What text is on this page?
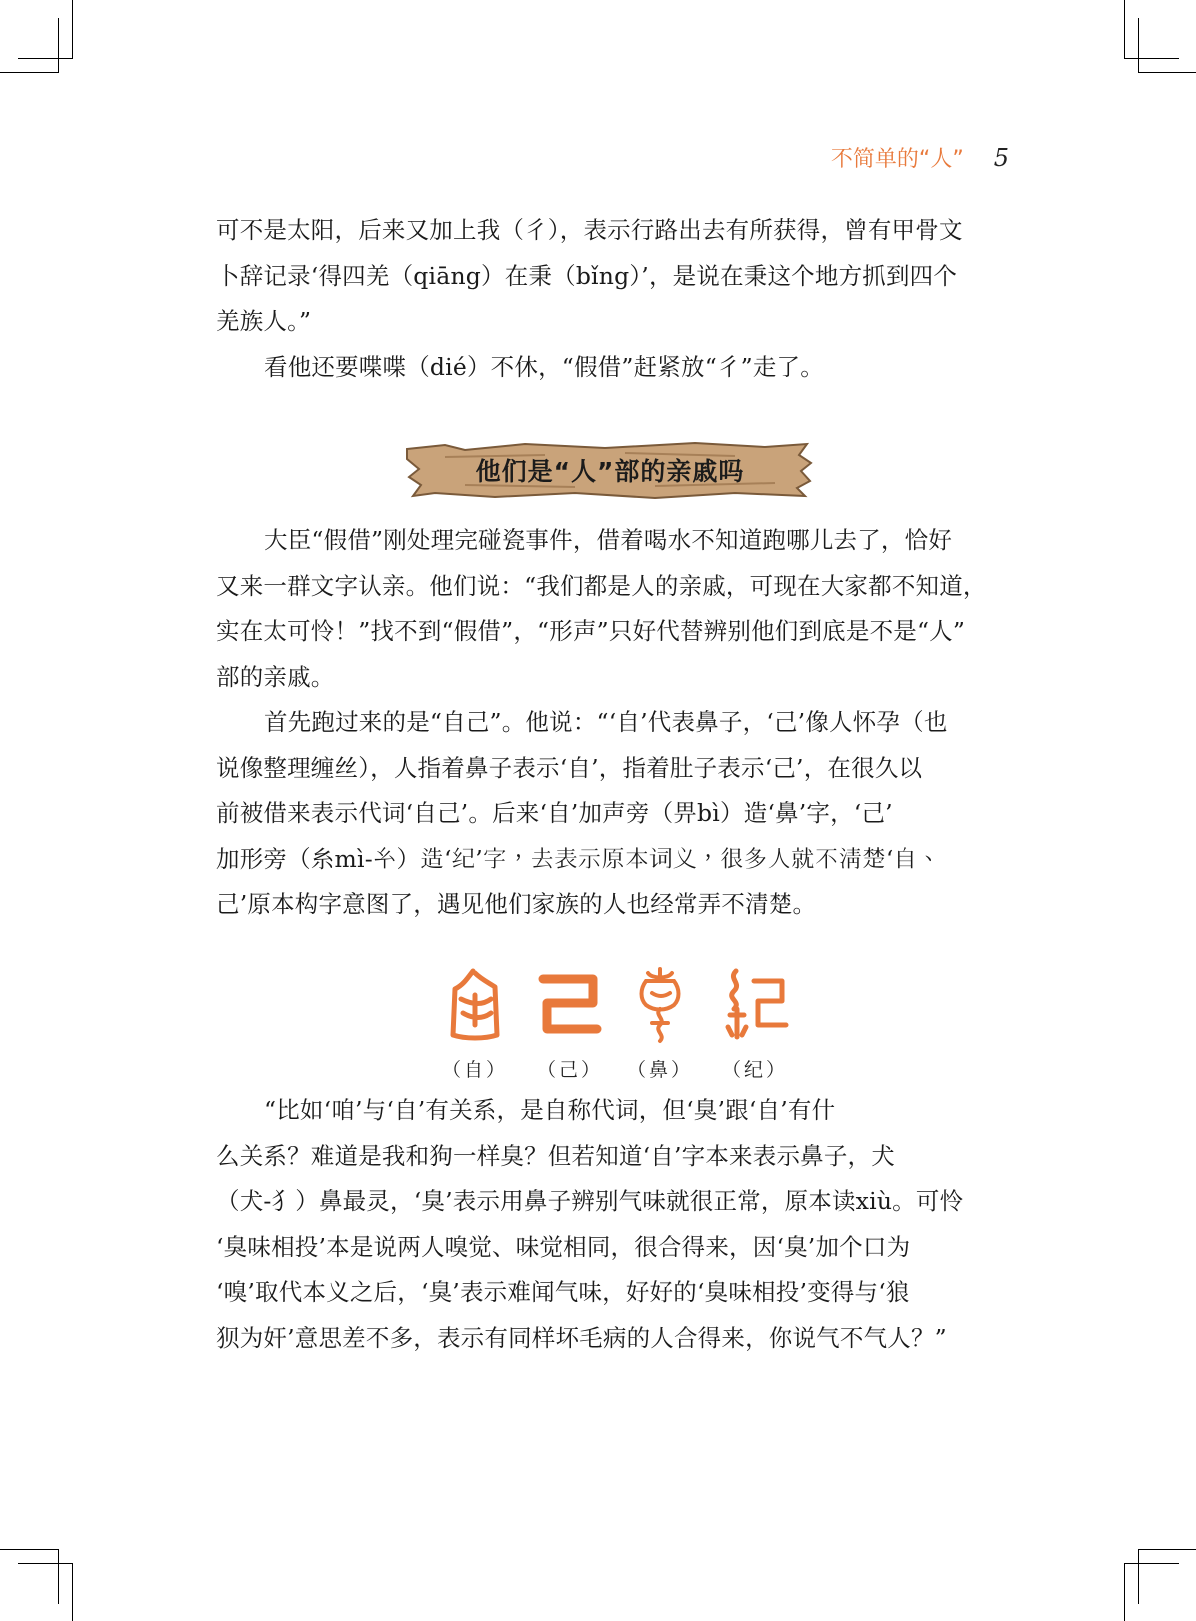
不简单的“人” 5

可不是太阳，后来又加上我（彳），表示行路出去有所获得，曾有甲骨文

卜辞记录‘得四羌（qiāng）在秉（bǐng）’，是说在秉这个地方抓到四个

羌族人。”

看他还要喋喋（dié）不休，“假借”赶紧放“彳”走了。

他们是“人”部的亲戚吗

大臣“假借”刚处理完碰瓷事件，借着喝水不知道跑哪儿去了，恰好

又来一群文字认亲。他们说：“我们都是人的亲戚，可现在大家都不知道，

实在太可怜！”找不到“假借”，“形声”只好代替辨别他们到底是不是“人”

部的亲戚。

首先跑过来的是“自己”。他说：“‘自’代表鼻子，‘己’像人怀孕（也

说像整理缠丝），人指着鼻子表示‘自’，指着肚子表示‘己’，在很久以

前被借来表示代词‘自己’。后来‘自’加声旁（畀bì）造‘鼻’字，‘己’

加形旁（糸mì-𢆯）造‘纪’字，去表示原本词义，很多人就不清楚‘自、

己’原本构字意图了，遇见他们家族的人也经常弄不清楚。

（自）	（己）	（鼻）	（纪）

“比如‘咱’与‘自’有关系，是自称代词，但‘臭’跟‘自’有什

么关系？难道是我和狗一样臭？但若知道‘自’字本来表示鼻子，犬

（犬-犭）鼻最灵，‘臭’表示用鼻子辨别气味就很正常，原本读xiù。可怜

‘臭味相投’本是说两人嗅觉、味觉相同，很合得来，因‘臭’加个口为

‘嗅’取代本义之后，‘臭’表示难闻气味，好好的‘臭味相投’变得与‘狼

狈为奸’意思差不多，表示有同样坏毛病的人合得来，你说气不气人？”
